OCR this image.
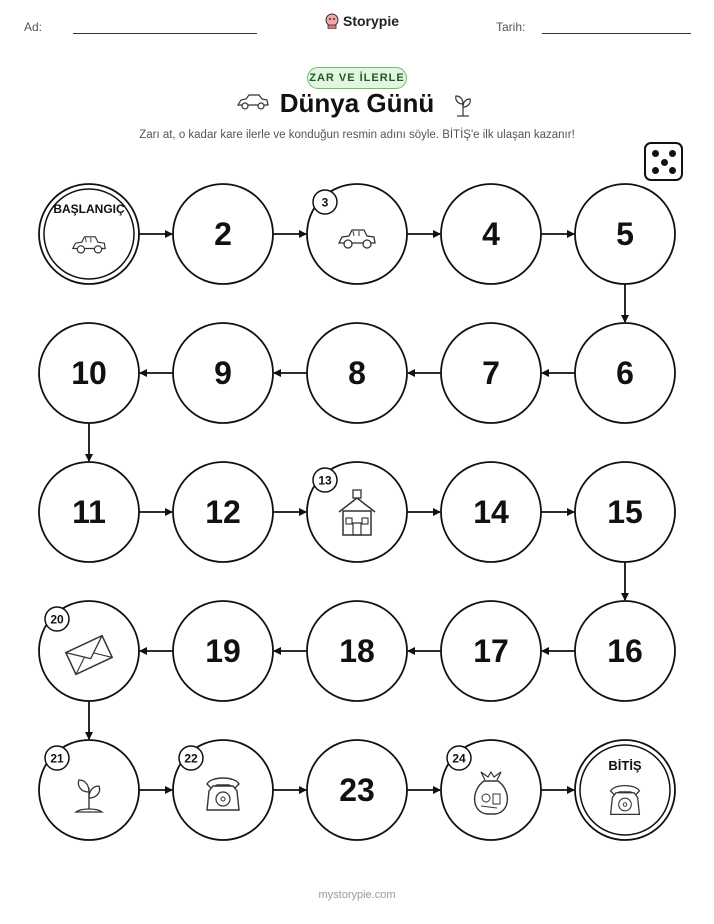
Ad:	Storypie	Tarih:
ZAR VE İLERLE
Dünya Günü
Zarı at, o kadar kare ilerle ve konduğun resmin adını söyle. BİTİŞ'e ilk ulaşan kazanır!
BAŞLANGIÇ
2
3
4	5
6
7
8
9
10
11	12
13
14	15
16
17
18
19
20
21	22
23
24	BİTİŞ
mystorypie.com
